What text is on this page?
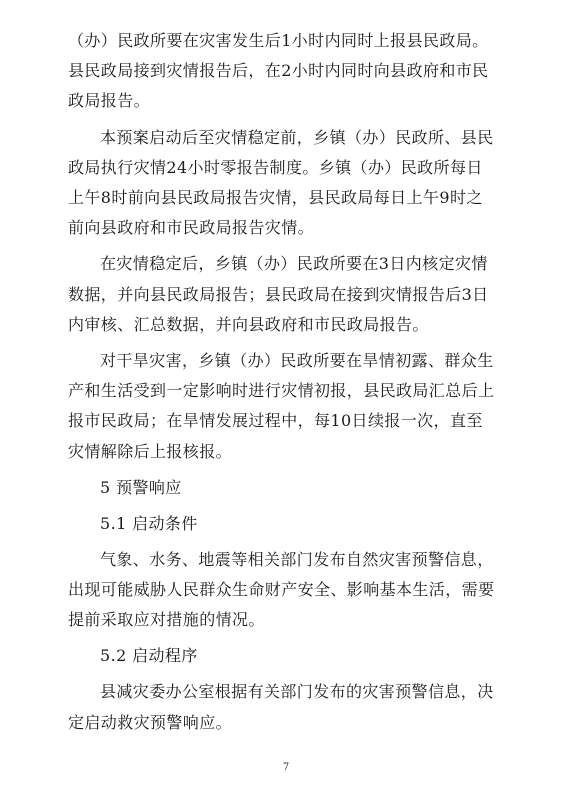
（办）民政所要在灾害发生后1小时内同时上报县民政局。
县民政局接到灾情报告后，在2小时内同时向县政府和市民
政局报告。

本预案启动后至灾情稳定前，乡镇（办）民政所、县民
政局执行灾情24小时零报告制度。乡镇（办）民政所每日
上午8时前向县民政局报告灾情，县民政局每日上午9时之
前向县政府和市民政局报告灾情。

在灾情稳定后，乡镇（办）民政所要在3日内核定灾情
数据，并向县民政局报告；县民政局在接到灾情报告后3日
内审核、汇总数据，并向县政府和市民政局报告。

对干旱灾害，乡镇（办）民政所要在旱情初露、群众生
产和生活受到一定影响时进行灾情初报，县民政局汇总后上
报市民政局；在旱情发展过程中，每10日续报一次，直至
灾情解除后上报核报。

5 预警响应
5.1 启动条件

气象、水务、地震等相关部门发布自然灾害预警信息，
出现可能威胁人民群众生命财产安全、影响基本生活，需要
提前采取应对措施的情况。

5.2 启动程序

县减灾委办公室根据有关部门发布的灾害预警信息，决
定启动救灾预警响应。

7
